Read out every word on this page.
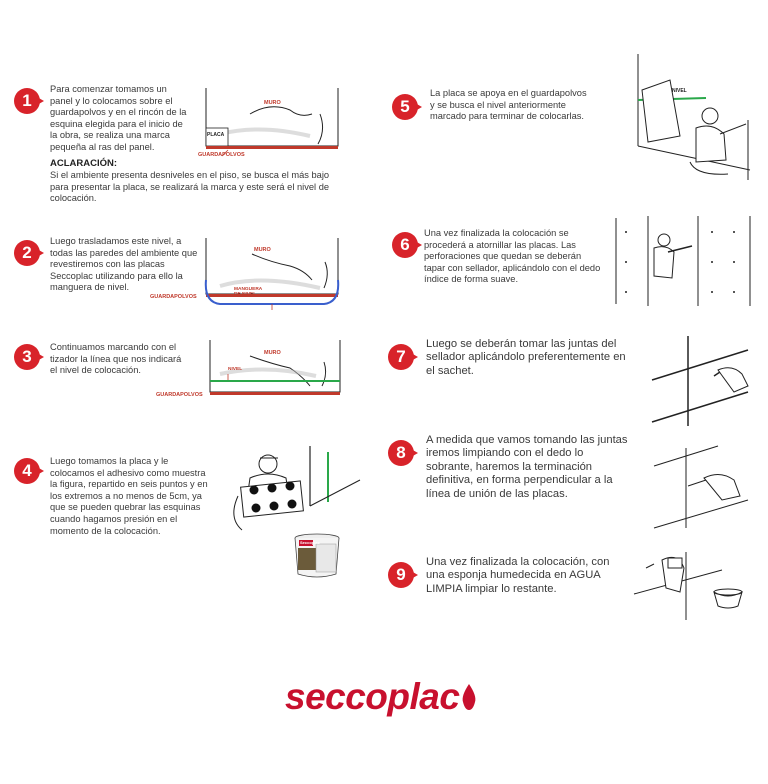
1
Para comenzar tomamos un panel y lo colocamos sobre el guardapolvos y en el rincón de la esquina elegida para el inicio de la obra, se realiza una marca pequeña al ras del panel.
ACLARACIÓN:
Si el ambiente presenta desniveles en el piso, se busca el más bajo para presentar la placa, se realizará la marca y este será el nivel de colocación.
MURO
PLACA
GUARDAPOLVOS
2
Luego trasladamos este nivel, a todas las paredes del ambiente que revestiremos con las placas Seccoplac utilizando para ello la manguera de nivel.
MURO
MANGUERA DE NIVEL
GUARDAPOLVOS
3	Continuamos marcando con el tizador la línea que nos indicará el nivel de colocación.
MURO
NIVEL
GUARDAPOLVOS
4	Luego tomamos la placa y le colocamos el adhesivo como muestra la figura, repartido en seis puntos y en los extremos a no menos de 5cm, ya que se pueden quebrar las esquinas cuando hagamos presión en el momento de la colocación.
Seccoplac
5
La placa se apoya en el guardapolvos y se busca el nivel anteriormente marcado para terminar de colocarlas.
NIVEL
6
Una vez finalizada la colocación se procederá a atornillar las placas. Las perforaciones que quedan se deberán tapar con sellador, aplicándolo con el dedo índice de forma suave.
7
Luego se deberán tomar las juntas del sellador aplicándolo preferentemente en el sachet.
8
A medida que vamos tomando las juntas iremos limpiando con el dedo lo sobrante, haremos la terminación definitiva, en forma perpendicular a la línea de unión de las placas.
9
Una vez finalizada la colocación, con una esponja humedecida en AGUA LIMPIA limpiar lo restante.
seccoplac
